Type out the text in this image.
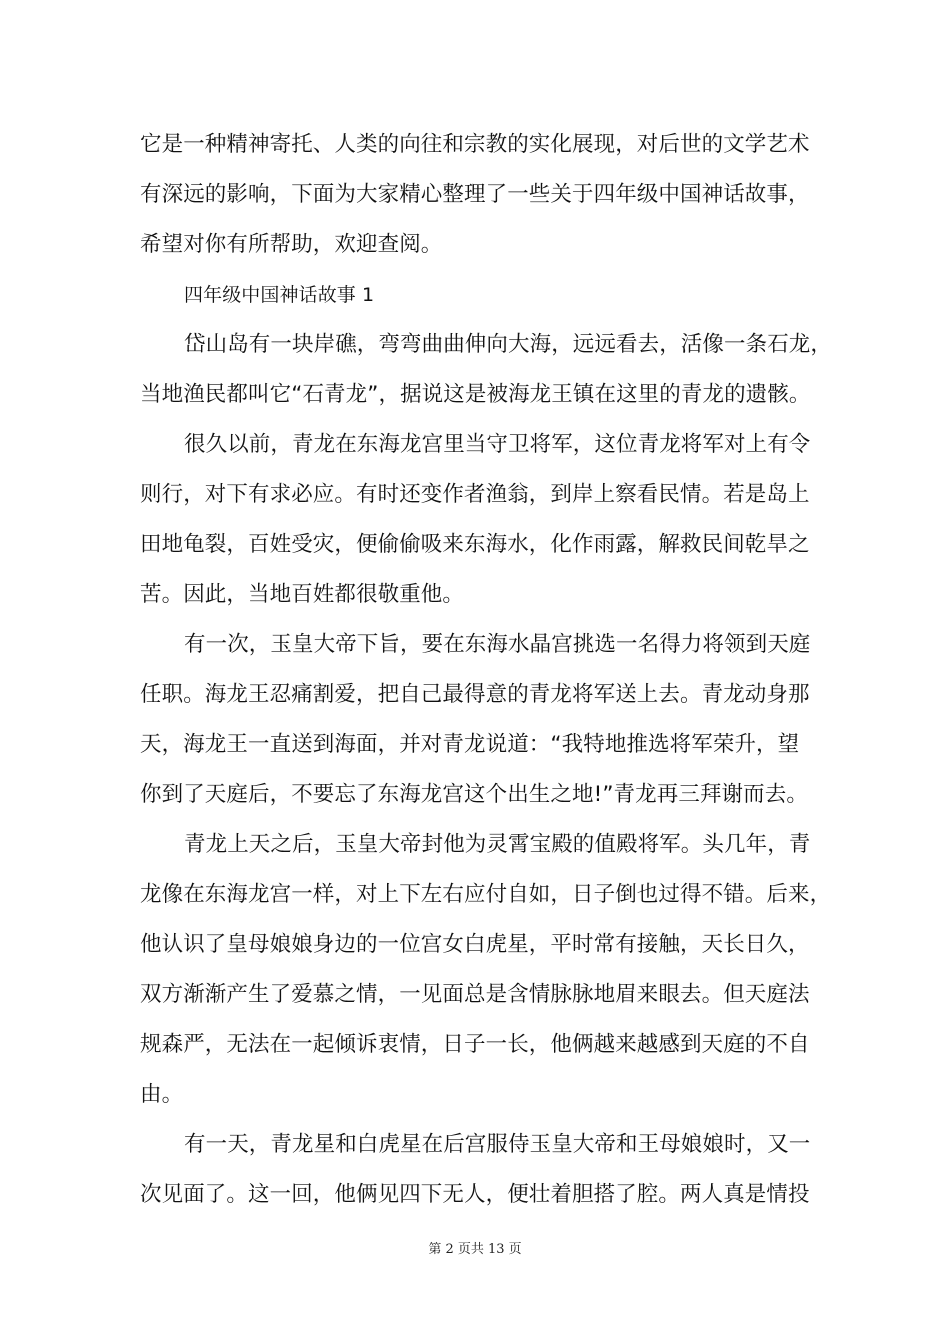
它是一种精神寄托、人类的向往和宗教的实化展现，对后世的文学艺术
有深远的影响，下面为大家精心整理了一些关于四年级中国神话故事，
希望对你有所帮助，欢迎查阅。
四年级中国神话故事 1
岱山岛有一块岸礁，弯弯曲曲伸向大海，远远看去，活像一条石龙，
当地渔民都叫它“石青龙”，据说这是被海龙王镇在这里的青龙的遗骸。
很久以前，青龙在东海龙宫里当守卫将军，这位青龙将军对上有令
则行，对下有求必应。有时还变作者渔翁，到岸上察看民情。若是岛上
田地龟裂，百姓受灾，便偷偷吸来东海水，化作雨露，解救民间乾旱之
苦。因此，当地百姓都很敬重他。
有一次，玉皇大帝下旨，要在东海水晶宫挑选一名得力将领到天庭
任职。海龙王忍痛割爱，把自己最得意的青龙将军送上去。青龙动身那
天，海龙王一直送到海面，并对青龙说道：“我特地推选将军荣升，望
你到了天庭后，不要忘了东海龙宫这个出生之地!”青龙再三拜谢而去。
青龙上天之后，玉皇大帝封他为灵霄宝殿的值殿将军。头几年，青
龙像在东海龙宫一样，对上下左右应付自如，日子倒也过得不错。后来，
他认识了皇母娘娘身边的一位宫女白虎星，平时常有接触，天长日久，
双方渐渐产生了爱慕之情，一见面总是含情脉脉地眉来眼去。但天庭法
规森严，无法在一起倾诉衷情，日子一长，他俩越来越感到天庭的不自
由。
有一天，青龙星和白虎星在后宫服侍玉皇大帝和王母娘娘时，又一
次见面了。这一回，他俩见四下无人，便壮着胆搭了腔。两人真是情投
第 2 页共 13 页
